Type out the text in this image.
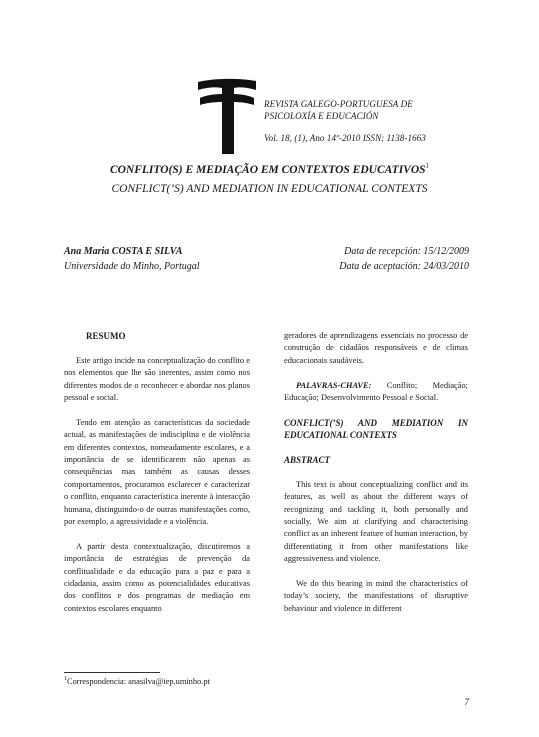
REVISTA GALEGO-PORTUGUESA DE
PSICOLOXÍA E EDUCACIÓN
Vol. 18, (1), Ano 14º-2010 ISSN: 1138-1663
CONFLITO(S) E MEDIAÇÃO EM CONTEXTOS EDUCATIVOS$^1$
CONFLICT(’S) AND MEDIATION IN EDUCATIONAL CONTEXTS
Ana Maria COSTA E SILVA
Universidade do Minho, Portugal
Data de recepción: 15/12/2009
Data de aceptación: 24/03/2010
RESUMO

Este artigo incide na conceptualização do conflito e nos elementos que lhe são inerentes, assim como nos diferentes modos de o reconhecer e abordar nos planos pessoal e social.

Tendo em atenção as características da sociedade actual, as manifestações de indisciplina e de violência em diferentes contextos, nomeadamente escolares, e a importância de se identificarem não apenas as consequências mas também as causas desses comportamentos, procuramos esclarecer e caracterizar o conflito, enquanto característica inerente à interacção humana, distinguindo-o de outras manifestações como, por exemplo, a agressividade e a violência.

A partir desta contextualização, discutiremos a importância de estratégias de prevenção da conflitualidade e da educação para a paz e para a cidadania, assim como as potencialidades educativas dos conflitos e dos programas de mediação em contextos escolares enquanto

geradores de aprendizagens essenciais no processo de construção de cidadãos responsáveis e de climas educacionais saudáveis.

PALAVRAS-CHAVE: Conflito; Mediação; Educação; Desenvolvimento Pessoal e Social.

CONFLICT(’S) AND MEDIATION IN EDUCATIONAL CONTEXTS
ABSTRACT

This text is about conceptualizing conflict and its features, as well as about the different ways of recognizing and tackling it, both personally and socially. We aim at clarifying and characterising conflict as an inherent feature of human interaction, by differentiating it from other manifestations like aggressiveness and violence.

We do this bearing in mind the characteristics of today’s society, the manifestations of disruptive behaviour and violence in different

$^1$Correspondencia: anasilva@iep.uminho.pt
7
